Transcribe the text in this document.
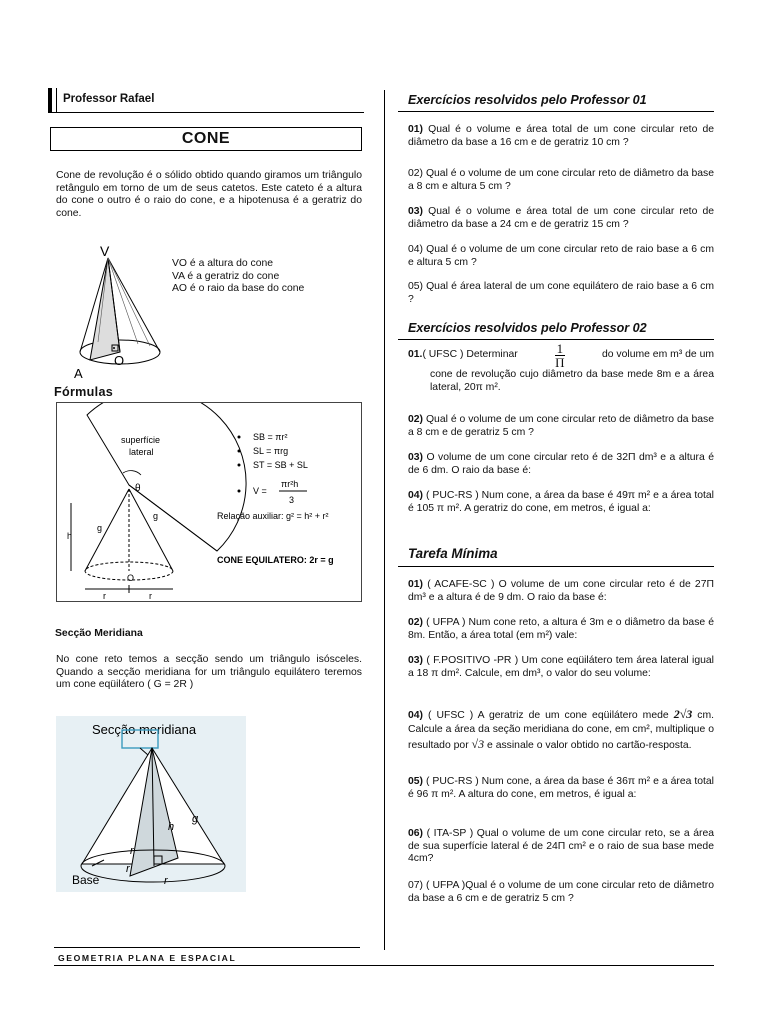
Professor Rafael
CONE
Cone de revolução é o sólido obtido quando giramos um triângulo retângulo em torno de um de seus catetos. Este cateto é a altura do cone o outro é o raio do cone, e a hipotenusa é a geratriz do cone.
V
O
A
VO é a altura do cone
VA é a geratriz do cone
AO é o raio da base do cone
Fórmulas
superfície
lateral
θ
h
g
g
O
r	r
SB = πr²
SL = πrg
ST = SB + SL
V =
πr²h
3
Relação auxiliar: g² = h² + r²
CONE EQUILATERO: 2r = g
Secção Meridiana
No cone reto temos a secção sendo um triângulo isósceles. Quando a secção meridiana for um triângulo equilátero teremos um cone eqüilátero ( G = 2R )
Secção meridiana
h
g
r
r
r
Base
Exercícios resolvidos pelo Professor 01
01) Qual é o volume e área total de um cone circular reto de diâmetro da base a 16 cm e de geratriz 10 cm ?
02) Qual é o volume de um cone circular reto de diâmetro da base a 8 cm e altura 5 cm ?
03) Qual é o volume e área total de um cone circular reto de diâmetro da base a 24 cm e de geratriz 15 cm ?
04) Qual é o volume de um cone circular reto de raio base a 6 cm e altura 5 cm ?
05) Qual é área lateral de um cone equilátero de raio base a 6 cm ?
Exercícios resolvidos pelo Professor 02
01.( UFSC ) Determinar	$\frac{1}{\Pi}$	do volume em m³ de um
cone de revolução cujo diâmetro da base mede 8m e a área lateral, 20π m².
02) Qual é o volume de um cone circular reto de diâmetro da base a 8 cm e de geratriz 5 cm ?
03) O volume de um cone circular reto é de 32Π dm³ e a altura é de 6 dm. O raio da base é:
04) ( PUC-RS ) Num cone, a área da base é 49π m² e a área total é 105 π m². A geratriz do cone, em metros, é igual a:
Tarefa Mínima
01) ( ACAFE-SC ) O volume de um cone circular reto é de 27Π dm³ e a altura é de 9 dm. O raio da base é:
02) ( UFPA ) Num cone reto, a altura é 3m e o diâmetro da base é 8m. Então, a área total (em m²) vale:
03) ( F.POSITIVO -PR ) Um cone eqüilátero tem área lateral igual a 18 π dm². Calcule, em dm³, o valor do seu volume:
04) ( UFSC ) A geratriz de um cone eqüilátero mede 2√3 cm. Calcule a área da seção meridiana do cone, em cm², multiplique o resultado por √3 e assinale o valor obtido no cartão-resposta.
05) ( PUC-RS ) Num cone, a área da base é 36π m² e a área total é 96 π m². A altura do cone, em metros, é igual a:
06) ( ITA-SP ) Qual o volume de um cone circular reto, se a área de sua superfície lateral é de 24Π cm² e o raio de sua base mede 4cm?
07) ( UFPA )Qual é o volume de um cone circular reto de diâmetro da base a 6 cm e de geratriz 5 cm ?
GEOMETRIA PLANA E ESPACIAL
